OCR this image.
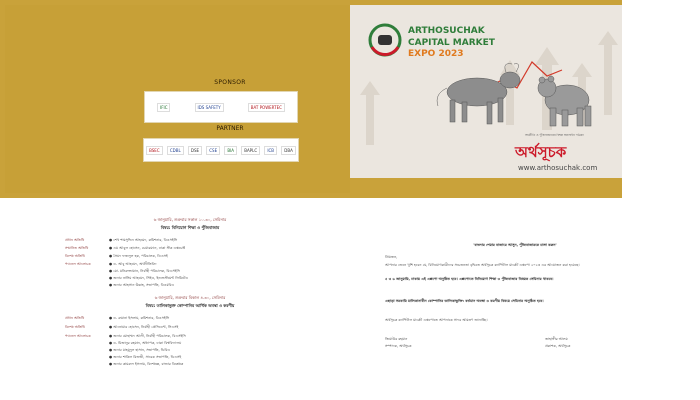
SPONSOR
IFIC	IDS SAFETY	BAT POWERTEC
PARTNER
BSEC	CDBL	DSE	CSE	BIA	BAPLC	ICB	DBA
ARTHOSUCHAK
CAPITAL MARKET
EXPO 2023
অর্থনীতি ও পুঁজিবাজারের বিশ্বস্ত অনলাইন পত্রিকা
অর্থসূচক
www.arthosuchak.com
৬ জানুয়ারি, শুক্রবার সকাল ১০.৩০, সেমিনার
বিষয়: বিনিয়োগ শিক্ষা ও পুঁজিবাজার
প্রধান অতিথি	● শেখ শামসুদ্দিন আহমেদ, কমিশনার, বিএসইসি
সম্মানিত অতিথি	● এম আবুল হোসেন, চেয়ারম্যান, ঢাকা স্টক এক্সচেঞ্জ
বিশেষ অতিথি	● সৈয়দ ফজলুল হক, পরিচালক, ডিএসই
প্যানেল আলোচক	● ড. আবু আহমেদ, অর্থনীতিবিদ
● মো. মনিরুজ্জামান, নির্বাহী পরিচালক, বিএসইসি
● জনাব নাসিম আহমেদ, সিইও, ইনভেস্টমেন্ট লিমিটেড
● জনাব আহসান উল্লাহ, সভাপতি, বিএমবিএ
৬ জানুয়ারি, শুক্রবার বিকাল ৪.৩০, সেমিনার
বিষয়: তালিকাভুক্ত কোম্পানির আর্থিক অবস্থা ও করণীয়
প্রধান অতিথি	● ড. রুমানা ইসলাম, কমিশনার, বিএসইসি
বিশেষ অতিথি	● আনোয়ার হোসেন, নির্বাহী প্রেসিডেন্ট, সিএসই
প্যানেল আলোচক	● জনাব মোহাম্মদ আলী, নির্বাহী পরিচালক, বিএসইসি
● ড. মিজানুর রহমান, অধ্যাপক, ঢাকা বিশ্ববিদ্যালয়
● জনাব মাহমুদুল হাসান, সভাপতি, ডিবিএ
● জনাব শাকিল রিজভী, সাবেক সভাপতি, ডিএসই
● জনাব কামরুল ইসলাম, বিশেষজ্ঞ, বাজার বিশ্লেষক
'বাংলার শেয়ার বাজারে আসুন, পুঁজিবাজারকে চাঙ্গা করুন'
প্রিয়জন,
আপনার জেনে খুশি হবেন যে, বিনিয়োগকারীদের সচেতনতা বৃদ্ধিতে অর্থসূচক ক্যাপিটাল মার্কেট এক্সপো ২০২৩ এর আয়োজন করা হয়েছে।
৫ ও ৬ জানুয়ারি, ঢাকায় এই এক্সপো অনুষ্ঠিত হবে। এক্সপোতে বিনিয়োগ শিক্ষা ও পুঁজিবাজার বিষয়ক সেমিনার থাকবে।
এছাড়া সরকারি মালিকানাধীন কোম্পানির তালিকাভুক্তি: বর্তমান অবস্থা ও করণীয় বিষয়ে সেমিনার অনুষ্ঠিত হবে।
অর্থসূচক ক্যাপিটাল মার্কেট এক্সপোতে আপনাকে সাদর আমন্ত্রণ জানাচ্ছি।
জিয়াউর রহমান
সম্পাদক, অর্থসূচক
জাহাঙ্গীর আলম
প্রকাশক, অর্থসূচক
